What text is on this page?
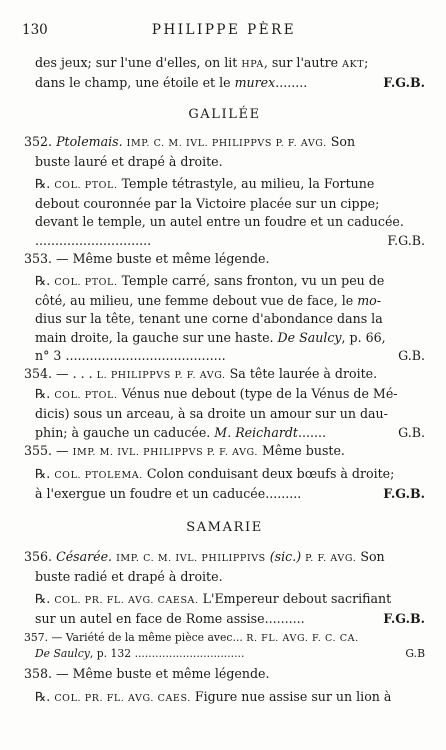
130	PHILIPPE PÈRE
des jeux; sur l'une d'elles, on lit HPA, sur l'autre AKT;
dans le champ, une étoile et le murex........	F.G.B.
GALILÉE
352. Ptolemais. IMP. C. M. IVL. PHILIPPVS P. F. AVG. Son
buste lauré et drapé à droite.
℞. COL. PTOL. Temple tétrastyle, au milieu, la Fortune
debout couronnée par la Victoire placée sur un cippe;
devant le temple, un autel entre un foudre et un caducée.
.............................	F.G.B.
353. — Même buste et même légende.
℞. COL. PTOL. Temple carré, sans fronton, vu un peu de
côté, au milieu, une femme debout vue de face, le mo-
dius sur la tête, tenant une corne d'abondance dans la
main droite, la gauche sur une haste. De Saulcy, p. 66,
n° 3 ........................................	G.B.
354. — . . . L. PHILIPPVS P. F. AVG. Sa tête laurée à droite.
℞. COL. PTOL. Vénus nue debout (type de la Vénus de Mé-
dicis) sous un arceau, à sa droite un amour sur un dau-
phin; à gauche un caducée. M. Reichardt.......	G.B.
355. — IMP. M. IVL. PHILIPPVS P. F. AVG. Même buste.
℞. COL. PTOLEMA. Colon conduisant deux bœufs à droite;
à l'exergue un foudre et un caducée.........	F.G.B.
SAMARIE
356. Césarée. IMP. C. M. IVL. PHILIPPIVS (sic.) P. F. AVG. Son
buste radié et drapé à droite.
℞. COL. PR. FL. AVG. CAESA. L'Empereur debout sacrifiant
sur un autel en face de Rome assise..........	F.G.B.
357. — Variété de la même pièce avec... R. FL. AVG. F. C. CA.
De Saulcy, p. 132 ................................	G.B
358. — Même buste et même légende.
℞. COL. PR. FL. AVG. CAES. Figure nue assise sur un lion à
